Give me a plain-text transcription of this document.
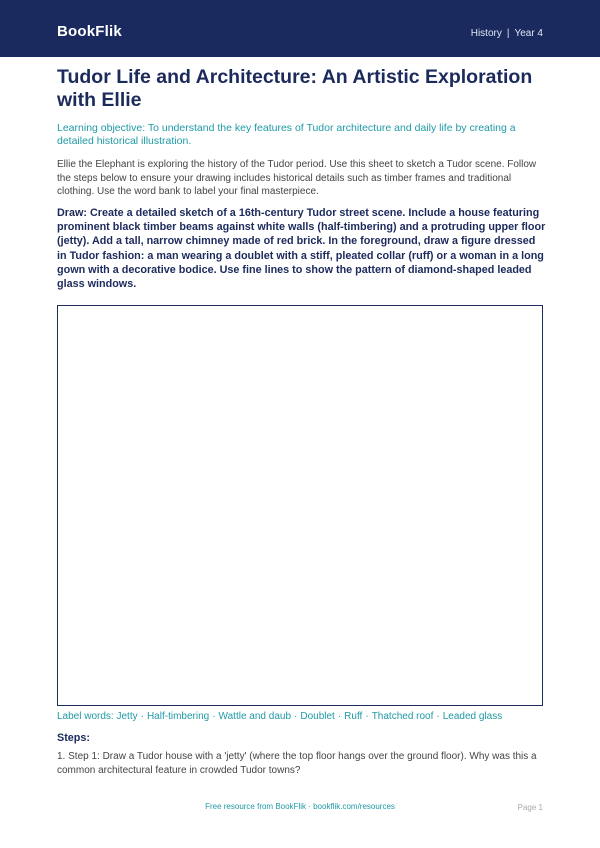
BookFlik	History | Year 4
Tudor Life and Architecture: An Artistic Exploration with Ellie
Learning objective: To understand the key features of Tudor architecture and daily life by creating a detailed historical illustration.
Ellie the Elephant is exploring the history of the Tudor period. Use this sheet to sketch a Tudor scene. Follow the steps below to ensure your drawing includes historical details such as timber frames and traditional clothing. Use the word bank to label your final masterpiece.
Draw: Create a detailed sketch of a 16th-century Tudor street scene. Include a house featuring prominent black timber beams against white walls (half-timbering) and a protruding upper floor (jetty). Add a tall, narrow chimney made of red brick. In the foreground, draw a figure dressed in Tudor fashion: a man wearing a doublet with a stiff, pleated collar (ruff) or a woman in a long gown with a decorative bodice. Use fine lines to show the pattern of diamond-shaped leaded glass windows.
Label words: Jetty · Half-timbering · Wattle and daub · Doublet · Ruff · Thatched roof · Leaded glass
Steps:
1. Step 1: Draw a Tudor house with a 'jetty' (where the top floor hangs over the ground floor). Why was this a common architectural feature in crowded Tudor towns?
Free resource from BookFlik · bookflik.com/resources	Page 1
